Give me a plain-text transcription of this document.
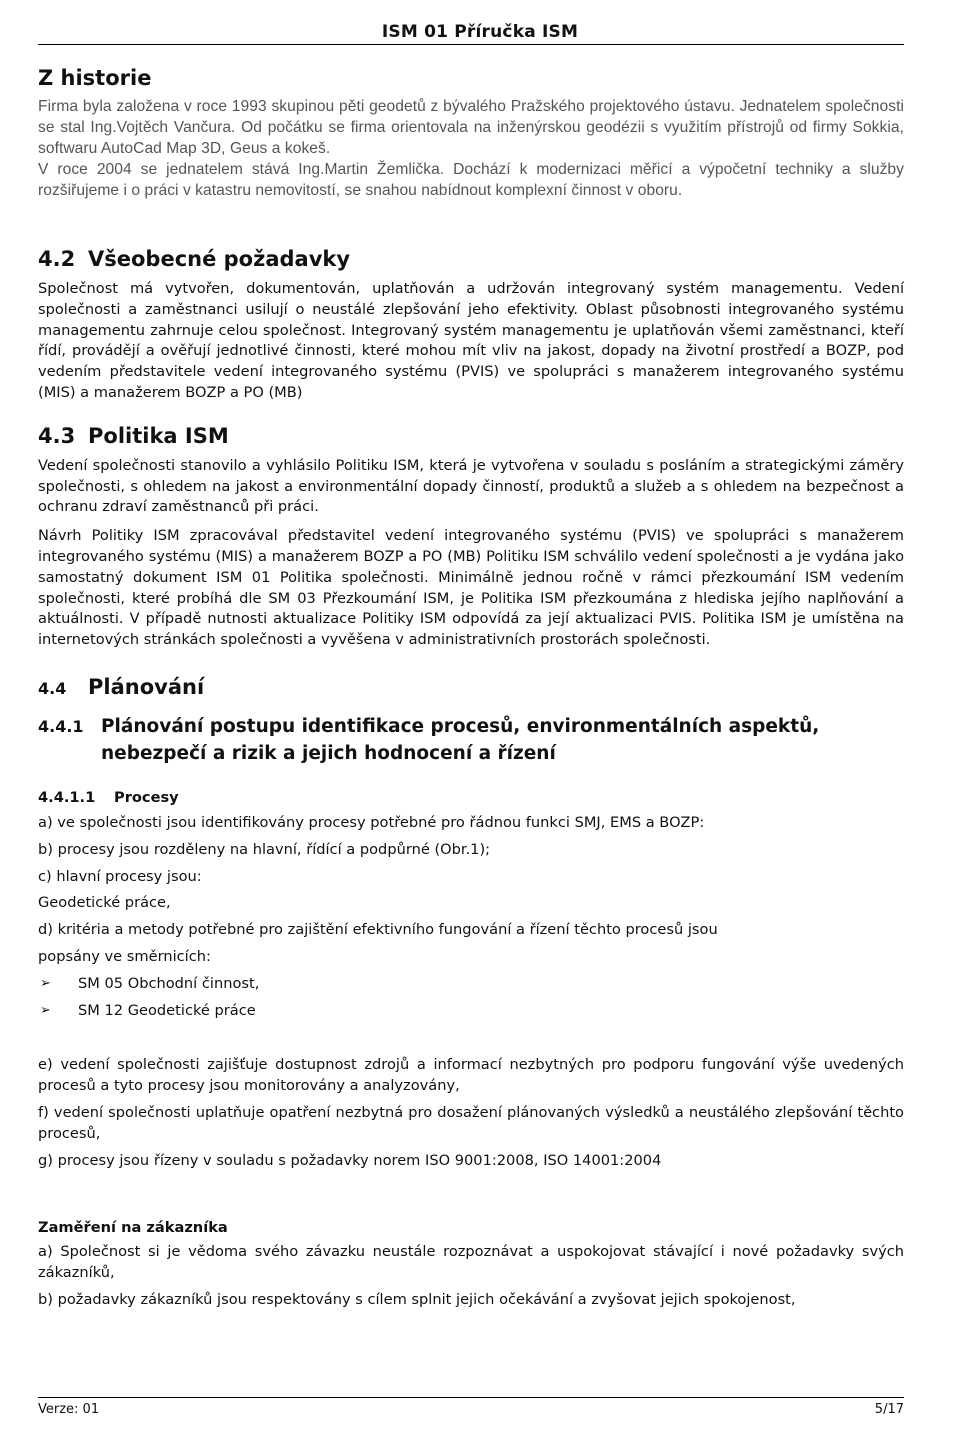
ISM 01 Příručka ISM
Z historie

Firma byla založena v roce 1993 skupinou pěti geodetů z bývalého Pražského projektového ústavu. Jednatelem společnosti se stal Ing.Vojtěch Vančura. Od počátku se firma orientovala na inženýrskou geodézii s využitím přístrojů od firmy Sokkia, softwaru AutoCad Map 3D, Geus a kokeš.

V roce 2004 se jednatelem stává Ing.Martin Žemlička. Dochází k modernizaci měřicí a výpočetní techniky a služby rozšiřujeme i o práci v katastru nemovitostí, se snahou nabídnout komplexní činnost v oboru.

4.2 Všeobecné požadavky

Společnost má vytvořen, dokumentován, uplatňován a udržován integrovaný systém managementu. Vedení společnosti a zaměstnanci usilují o neustálé zlepšování jeho efektivity. Oblast působnosti integrovaného systému managementu zahrnuje celou společnost. Integrovaný systém managementu je uplatňován všemi zaměstnanci, kteří řídí, provádějí a ověřují jednotlivé činnosti, které mohou mít vliv na jakost, dopady na životní prostředí a BOZP, pod vedením představitele vedení integrovaného systému (PVIS) ve spolupráci s manažerem integrovaného systému (MIS) a manažerem BOZP a PO (MB)

4.3 Politika ISM

Vedení společnosti stanovilo a vyhlásilo Politiku ISM, která je vytvořena v souladu s posláním a strategickými záměry společnosti, s ohledem na jakost a environmentální dopady činností, produktů a služeb a s ohledem na bezpečnost a ochranu zdraví zaměstnanců při práci.

Návrh Politiky ISM zpracovával představitel vedení integrovaného systému (PVIS) ve spolupráci s manažerem integrovaného systému (MIS) a manažerem BOZP a PO (MB) Politiku ISM schválilo vedení společnosti a je vydána jako samostatný dokument ISM 01 Politika společnosti. Minimálně jednou ročně v rámci přezkoumání ISM vedením společnosti, které probíhá dle SM 03 Přezkoumání ISM, je Politika ISM přezkoumána z hlediska jejího naplňování a aktuálnosti. V případě nutnosti aktualizace Politiky ISM odpovídá za její aktualizaci PVIS. Politika ISM je umístěna na internetových stránkách společnosti a vyvěšena v administrativních prostorách společnosti.

4.4	Plánování
4.4.1 Plánování postupu identifikace procesů, environmentálních aspektů, nebezpečí a rizik a jejich hodnocení a řízení
4.4.1.1	Procesy

a) ve společnosti jsou identifikovány procesy potřebné pro řádnou funkci SMJ, EMS a BOZP:

b) procesy jsou rozděleny na hlavní, řídící a podpůrné (Obr.1);

c) hlavní procesy jsou:

Geodetické práce,

d) kritéria a metody potřebné pro zajištění efektivního fungování a řízení těchto procesů jsou

popsány ve směrnicích:

➢	SM 05 Obchodní činnost,
➢	SM 12 Geodetické práce

e) vedení společnosti zajišťuje dostupnost zdrojů a informací nezbytných pro podporu fungování výše uvedených procesů a tyto procesy jsou monitorovány a analyzovány,

f) vedení společnosti uplatňuje opatření nezbytná pro dosažení plánovaných výsledků a neustálého zlepšování těchto procesů,

g) procesy jsou řízeny v souladu s požadavky norem ISO 9001:2008, ISO 14001:2004

Zaměření na zákazníka

a) Společnost si je vědoma svého závazku neustále rozpoznávat a uspokojovat stávající i nové požadavky svých zákazníků,

b) požadavky zákazníků jsou respektovány s cílem splnit jejich očekávání a zvyšovat jejich spokojenost,

Verze: 01	5/17
